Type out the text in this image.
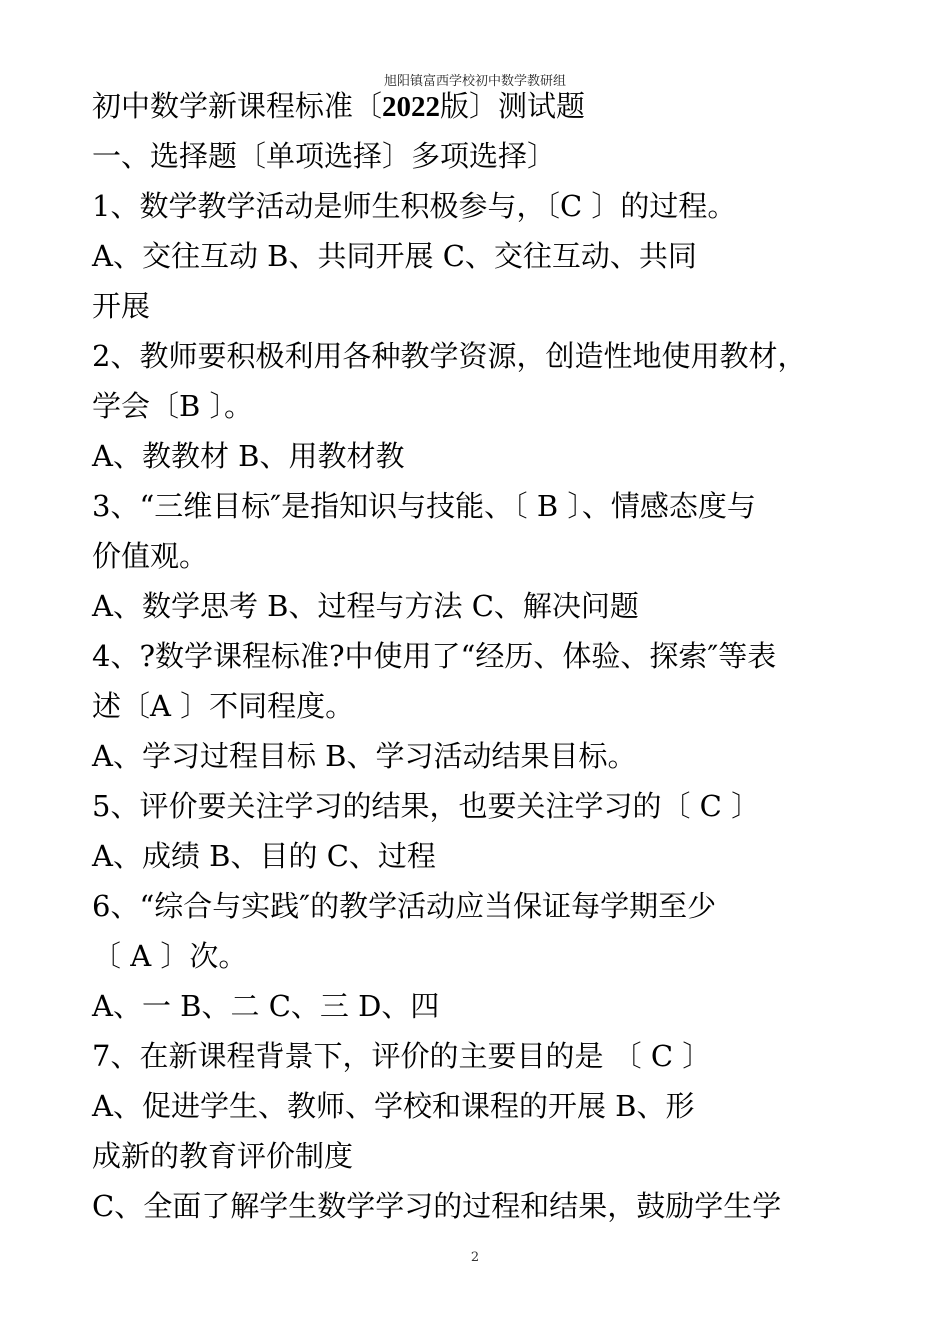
旭阳镇富西学校初中数学教研组
初中数学新课程标准〔2022版〕测试题
一、选择题〔单项选择〕多项选择〕
1、数学教学活动是师生积极参与，〔C 〕的过程。
A、交往互动 B、共同开展 C、交往互动、共同
开展
2、教师要积极利用各种教学资源，创造性地使用教材，
学会〔B 〕。
A、教教材 B、用教材教
3、“三维目标″是指知识与技能、〔 B 〕、情感态度与
价值观。
A、数学思考 B、过程与方法 C、解决问题
4、?数学课程标准?中使用了“经历、体验、探索″等表
述〔A 〕不同程度。
A、学习过程目标 B、学习活动结果目标。
5、评价要关注学习的结果，也要关注学习的〔 C 〕
A、成绩 B、目的 C、过程
6、“综合与实践″的教学活动应当保证每学期至少
〔 A 〕次。
A、一 B、二 C、三 D、四
7、在新课程背景下，评价的主要目的是 〔 C 〕
A、促进学生、教师、学校和课程的开展 B、形
成新的教育评价制度
C、全面了解学生数学学习的过程和结果，鼓励学生学
2
